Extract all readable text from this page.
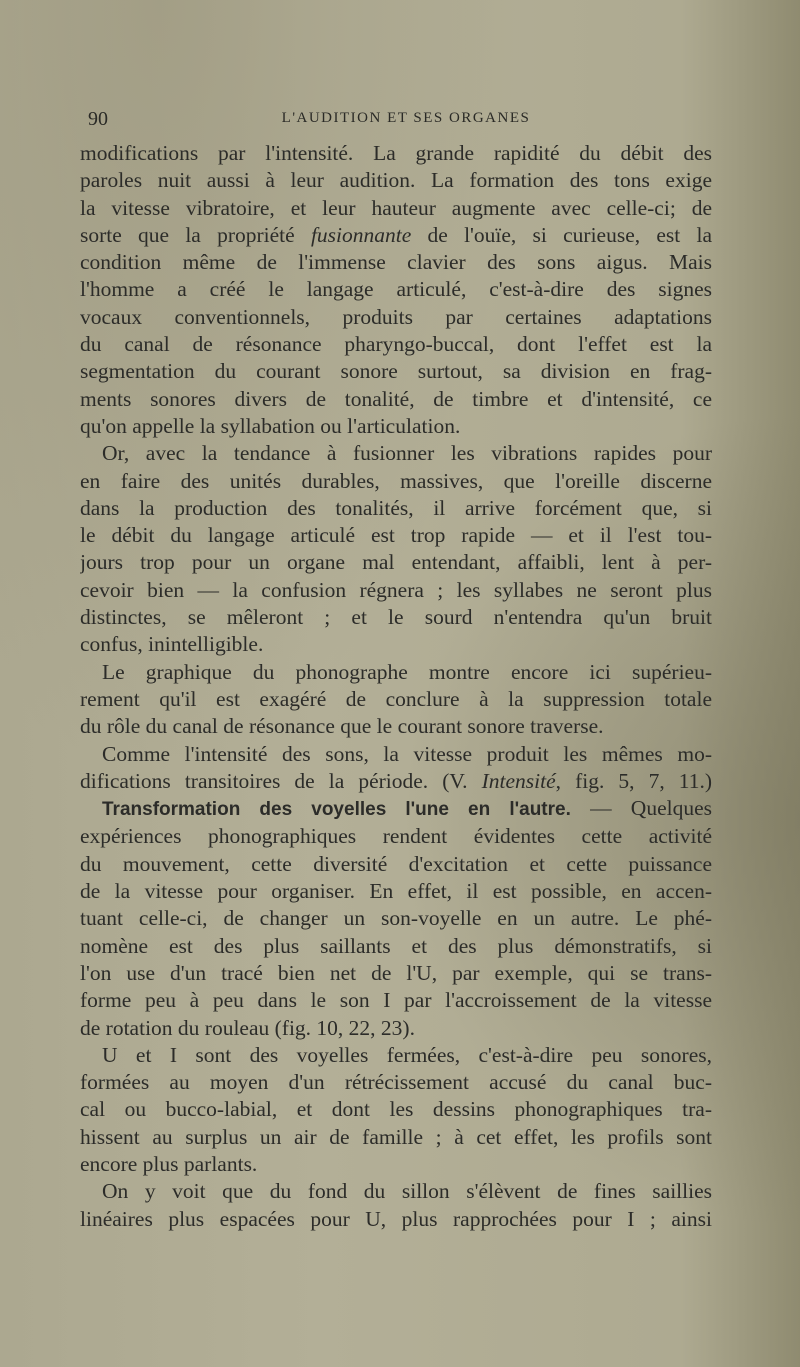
90	L'AUDITION ET SES ORGANES
modifications par l'intensité. La grande rapidité du débit des
paroles nuit aussi à leur audition. La formation des tons exige
la vitesse vibratoire, et leur hauteur augmente avec celle-ci; de
sorte que la propriété fusionnante de l'ouïe, si curieuse, est la
condition même de l'immense clavier des sons aigus. Mais
l'homme a créé le langage articulé, c'est-à-dire des signes
vocaux conventionnels, produits par certaines adaptations
du canal de résonance pharyngo-buccal, dont l'effet est la
segmentation du courant sonore surtout, sa division en frag-
ments sonores divers de tonalité, de timbre et d'intensité, ce
qu'on appelle la syllabation ou l'articulation.
Or, avec la tendance à fusionner les vibrations rapides pour
en faire des unités durables, massives, que l'oreille discerne
dans la production des tonalités, il arrive forcément que, si
le débit du langage articulé est trop rapide — et il l'est tou-
jours trop pour un organe mal entendant, affaibli, lent à per-
cevoir bien — la confusion régnera ; les syllabes ne seront plus
distinctes, se mêleront ; et le sourd n'entendra qu'un bruit
confus, inintelligible.
Le graphique du phonographe montre encore ici supérieu-
rement qu'il est exagéré de conclure à la suppression totale
du rôle du canal de résonance que le courant sonore traverse.
Comme l'intensité des sons, la vitesse produit les mêmes mo-
difications transitoires de la période. (V. Intensité, fig. 5, 7, 11.)
Transformation des voyelles l'une en l'autre. — Quelques
expériences phonographiques rendent évidentes cette activité
du mouvement, cette diversité d'excitation et cette puissance
de la vitesse pour organiser. En effet, il est possible, en accen-
tuant celle-ci, de changer un son-voyelle en un autre. Le phé-
nomène est des plus saillants et des plus démonstratifs, si
l'on use d'un tracé bien net de l'U, par exemple, qui se trans-
forme peu à peu dans le son I par l'accroissement de la vitesse
de rotation du rouleau (fig. 10, 22, 23).
U et I sont des voyelles fermées, c'est-à-dire peu sonores,
formées au moyen d'un rétrécissement accusé du canal buc-
cal ou bucco-labial, et dont les dessins phonographiques tra-
hissent au surplus un air de famille ; à cet effet, les profils sont
encore plus parlants.
On y voit que du fond du sillon s'élèvent de fines saillies
linéaires plus espacées pour U, plus rapprochées pour I ; ainsi
